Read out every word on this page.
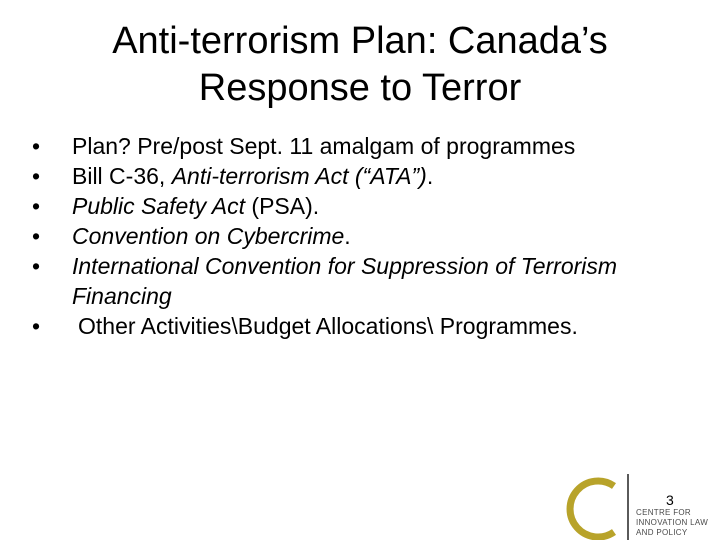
Anti-terrorism Plan: Canada’s Response to Terror
• Plan? Pre/post Sept. 11 amalgam of programmes
• Bill C-36, Anti-terrorism Act (“ATA”).
• Public Safety Act (PSA).
• Convention on Cybercrime.
• International Convention for Suppression of Terrorism Financing
• Other Activities\Budget Allocations\ Programmes.
3
CENTRE FOR
INNOVATION LAW
AND POLICY
